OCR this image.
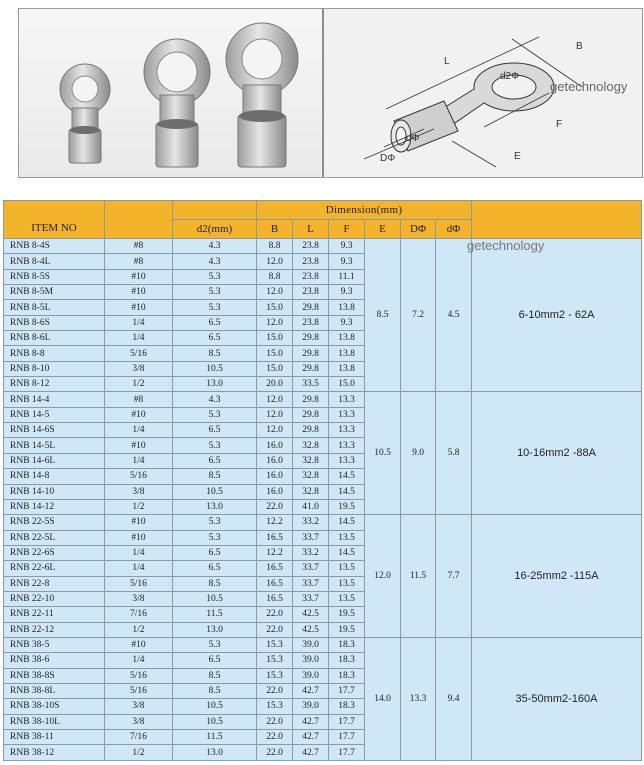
L
B
F
E
d2Φ
dΦ
DΦ
getechnology
ITEM NO			Dimension(mm)						
		d2(mm)	B	L	F	E	DΦ	dΦ	
RNB 8-4S	#8	4.3	8.8	23.8	9.3	8.5	7.2	4.5	6-10mm2 - 62A
RNB 8-4L	#8	4.3	12.0	23.8	9.3				
RNB 8-5S	#10	5.3	8.8	23.8	11.1				
RNB 8-5M	#10	5.3	12.0	23.8	9.3				
RNB 8-5L	#10	5.3	15.0	29.8	13.8				
RNB 8-6S	1/4	6.5	12.0	23.8	9.3				
RNB 8-6L	1/4	6.5	15.0	29.8	13.8				
RNB 8-8	5/16	8.5	15.0	29.8	13.8				
RNB 8-10	3/8	10.5	15.0	29.8	13.8				
RNB 8-12	1/2	13.0	20.0	33.5	15.0				
RNB 14-4	#8	4.3	12.0	29.8	13.3	10.5	9.0	5.8	10-16mm2 -88A
RNB 14-5	#10	5.3	12.0	29.8	13.3				
RNB 14-6S	1/4	6.5	12.0	29.8	13.3				
RNB 14-5L	#10	5.3	16.0	32.8	13.3				
RNB 14-6L	1/4	6.5	16.0	32.8	13.3				
RNB 14-8	5/16	8.5	16.0	32.8	14.5				
RNB 14-10	3/8	10.5	16.0	32.8	14.5				
RNB 14-12	1/2	13.0	22.0	41.0	19.5				
RNB 22-5S	#10	5.3	12.2	33.2	14.5	12.0	11.5	7.7	16-25mm2 -115A
RNB 22-5L	#10	5.3	16.5	33.7	13.5				
RNB 22-6S	1/4	6.5	12.2	33.2	14.5				
RNB 22-6L	1/4	6.5	16.5	33.7	13.5				
RNB 22-8	5/16	8.5	16.5	33.7	13.5				
RNB 22-10	3/8	10.5	16.5	33.7	13.5				
RNB 22-11	7/16	11.5	22.0	42.5	19.5				
RNB 22-12	1/2	13.0	22.0	42.5	19.5				
RNB 38-5	#10	5.3	15.3	39.0	18.3	14.0	13.3	9.4	35-50mm2-160A
RNB 38-6	1/4	6.5	15.3	39.0	18.3				
RNB 38-8S	5/16	8.5	15.3	39.0	18.3				
RNB 38-8L	5/16	8.5	22.0	42.7	17.7				
RNB 38-10S	3/8	10.5	15.3	39.0	18.3				
RNB 38-10L	3/8	10.5	22.0	42.7	17.7				
RNB 38-11	7/16	11.5	22.0	42.7	17.7				
RNB 38-12	1/2	13.0	22.0	42.7	17.7				
getechnology
